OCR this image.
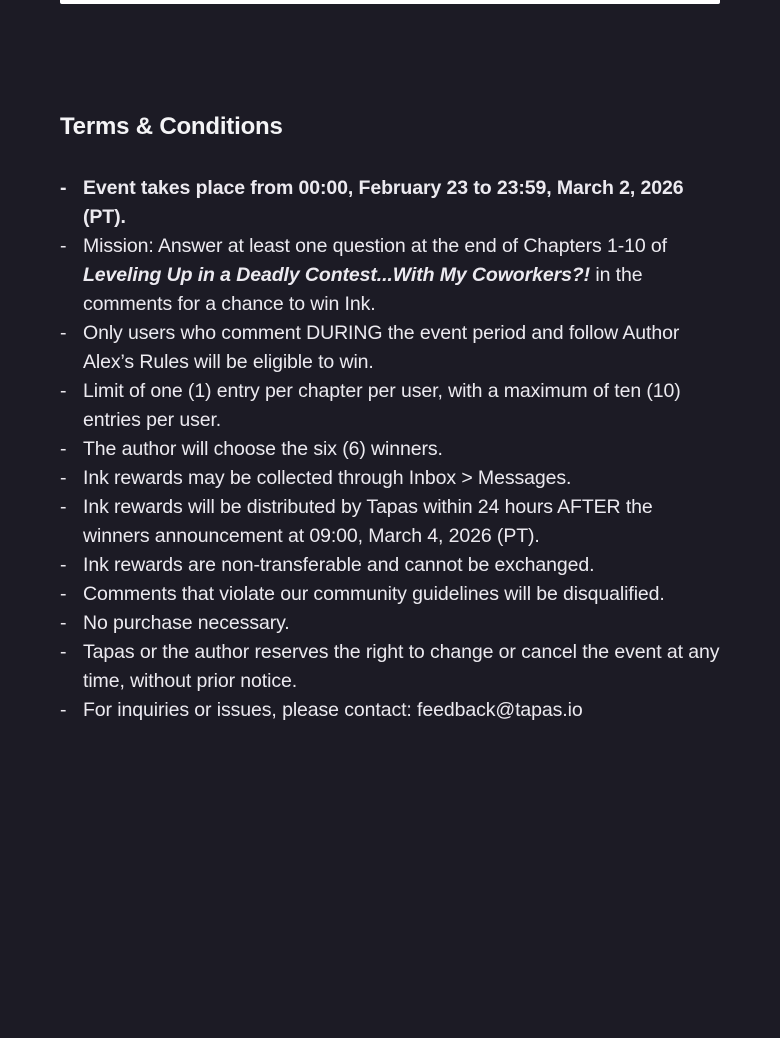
Terms & Conditions
- Event takes place from 00:00, February 23 to 23:59, March 2, 2026 (PT).
- Mission: Answer at least one question at the end of Chapters 1-10 of Leveling Up in a Deadly Contest...With My Coworkers?! in the comments for a chance to win Ink.
- Only users who comment DURING the event period and follow Author Alex’s Rules will be eligible to win.
- Limit of one (1) entry per chapter per user, with a maximum of ten (10) entries per user.
- The author will choose the six (6) winners.
- Ink rewards may be collected through Inbox > Messages.
- Ink rewards will be distributed by Tapas within 24 hours AFTER the winners announcement at 09:00, March 4, 2026 (PT).
- Ink rewards are non-transferable and cannot be exchanged.
- Comments that violate our community guidelines will be disqualified.
- No purchase necessary.
- Tapas or the author reserves the right to change or cancel the event at any time, without prior notice.
- For inquiries or issues, please contact: feedback@tapas.io
